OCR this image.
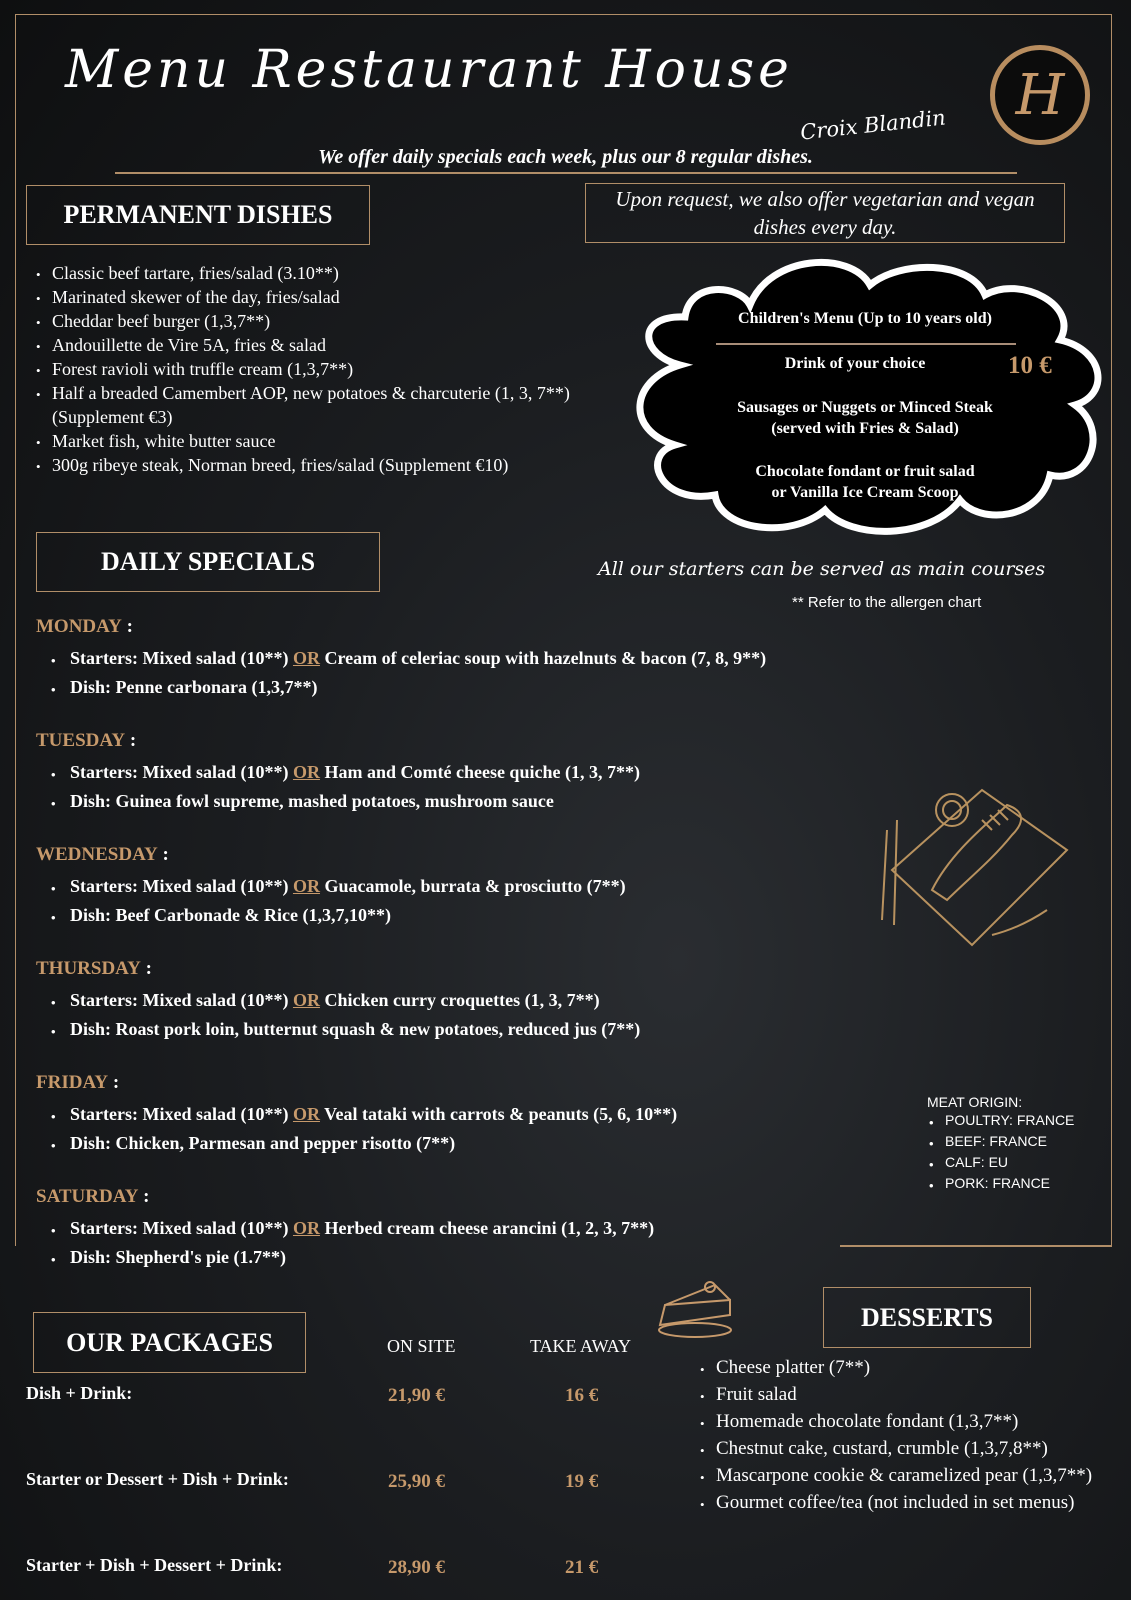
Menu Restaurant House
Croix Blandin	H
We offer daily specials each week, plus our 8 regular dishes.
PERMANENT DISHES
Upon request, we also offer vegetarian and vegan dishes every day.
• Classic beef tartare, fries/salad (3.10**)
• Marinated skewer of the day, fries/salad
• Cheddar beef burger (1,3,7**)
• Andouillette de Vire 5A, fries & salad
• Forest ravioli with truffle cream (1,3,7**)
• Half a breaded Camembert AOP, new potatoes & charcuterie (1, 3, 7**) (Supplement €3)
• Market fish, white butter sauce
• 300g ribeye steak, Norman breed, fries/salad (Supplement €10)
Children's Menu (Up to 10 years old)
Drink of your choice	10 €
Sausages or Nuggets or Minced Steak
(served with Fries & Salad)
Chocolate fondant or fruit salad
or Vanilla Ice Cream Scoop
DAILY SPECIALS	All our starters can be served as main courses
** Refer to the allergen chart
MONDAY :
• Starters: Mixed salad (10**) OR Cream of celeriac soup with hazelnuts & bacon (7, 8, 9**)
• Dish: Penne carbonara (1,3,7**)
TUESDAY :
• Starters: Mixed salad (10**) OR Ham and Comté cheese quiche (1, 3, 7**)
• Dish: Guinea fowl supreme, mashed potatoes, mushroom sauce
WEDNESDAY :
• Starters: Mixed salad (10**) OR Guacamole, burrata & prosciutto (7**)
• Dish: Beef Carbonade & Rice (1,3,7,10**)
THURSDAY :
• Starters: Mixed salad (10**) OR Chicken curry croquettes (1, 3, 7**)
• Dish: Roast pork loin, butternut squash & new potatoes, reduced jus (7**)
FRIDAY :
• Starters: Mixed salad (10**) OR Veal tataki with carrots & peanuts (5, 6, 10**)
• Dish: Chicken, Parmesan and pepper risotto (7**)
SATURDAY :
• Starters: Mixed salad (10**) OR Herbed cream cheese arancini (1, 2, 3, 7**)
• Dish: Shepherd's pie (1.7**)
MEAT ORIGIN:
• POULTRY: FRANCE
• BEEF: FRANCE
• CALF: EU
• PORK: FRANCE
OUR PACKAGES	ON SITE	TAKE AWAY
Dish + Drink:	21,90 €	16 €
Starter or Dessert + Dish + Drink:	25,90 €	19 €
Starter + Dish + Dessert + Drink:	28,90 €	21 €
DESSERTS
• Cheese platter (7**)
• Fruit salad
• Homemade chocolate fondant (1,3,7**)
• Chestnut cake, custard, crumble (1,3,7,8**)
• Mascarpone cookie & caramelized pear (1,3,7**)
• Gourmet coffee/tea (not included in set menus)
